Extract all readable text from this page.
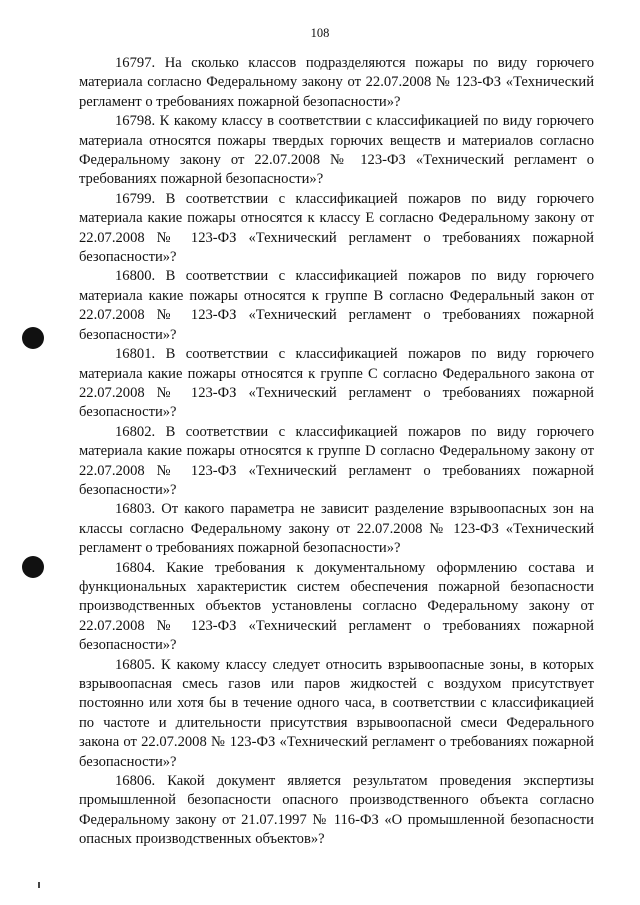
108

16797. На сколько классов подразделяются пожары по виду горючего материала согласно Федеральному закону от 22.07.2008 № 123-ФЗ «Технический регламент о требованиях пожарной безопасности»?

16798. К какому классу в соответствии с классификацией по виду горючего материала относятся пожары твердых горючих веществ и материалов согласно Федеральному закону от 22.07.2008 № 123-ФЗ «Технический регламент о требованиях пожарной безопасности»?

16799. В соответствии с классификацией пожаров по виду горючего материала какие пожары относятся к классу Е согласно Федеральному закону от 22.07.2008 № 123-ФЗ «Технический регламент о требованиях пожарной безопасности»?

16800. В соответствии с классификацией пожаров по виду горючего материала какие пожары относятся к группе В согласно Федеральный закон от 22.07.2008 № 123-ФЗ «Технический регламент о требованиях пожарной безопасности»?

16801. В соответствии с классификацией пожаров по виду горючего материала какие пожары относятся к группе С согласно Федерального закона от 22.07.2008 № 123-ФЗ «Технический регламент о требованиях пожарной безопасности»?

16802. В соответствии с классификацией пожаров по виду горючего материала какие пожары относятся к группе D согласно Федеральному закону от 22.07.2008 № 123-ФЗ «Технический регламент о требованиях пожарной безопасности»?

16803. От какого параметра не зависит разделение взрывоопасных зон на классы согласно Федеральному закону от 22.07.2008 № 123-ФЗ «Технический регламент о требованиях пожарной безопасности»?

16804. Какие требования к документальному оформлению состава и функциональных характеристик систем обеспечения пожарной безопасности производственных объектов установлены согласно Федеральному закону от 22.07.2008 № 123-ФЗ «Технический регламент о требованиях пожарной безопасности»?

16805. К какому классу следует относить взрывоопасные зоны, в которых взрывоопасная смесь газов или паров жидкостей с воздухом присутствует постоянно или хотя бы в течение одного часа, в соответствии с классификацией по частоте и длительности присутствия взрывоопасной смеси Федерального закона от 22.07.2008 № 123-ФЗ «Технический регламент о требованиях пожарной безопасности»?

16806. Какой документ является результатом проведения экспертизы промышленной безопасности опасного производственного объекта согласно Федеральному закону от 21.07.1997 № 116-ФЗ «О промышленной безопасности опасных производственных объектов»?
